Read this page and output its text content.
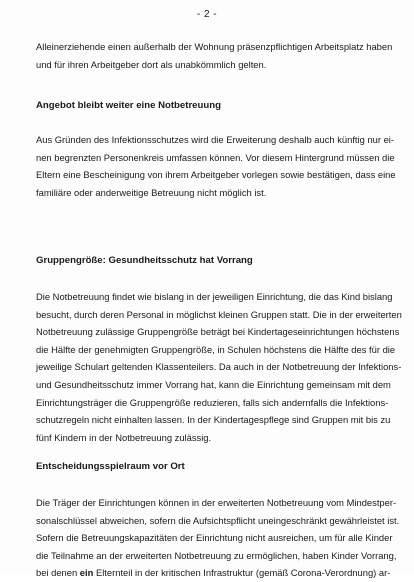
- 2 -

Alleinerziehende einen außerhalb der Wohnung präsenzpflichtigen Arbeitsplatz haben
und für ihren Arbeitgeber dort als unabkömmlich gelten.

Angebot bleibt weiter eine Notbetreuung

Aus Gründen des Infektionsschutzes wird die Erweiterung deshalb auch künftig nur ei-
nen begrenzten Personenkreis umfassen können. Vor diesem Hintergrund müssen die
Eltern eine Bescheinigung von ihrem Arbeitgeber vorlegen sowie bestätigen, dass eine
familiäre oder anderweitige Betreuung nicht möglich ist.

Gruppengröße: Gesundheitsschutz hat Vorrang

Die Notbetreuung findet wie bislang in der jeweiligen Einrichtung, die das Kind bislang
besucht, durch deren Personal in möglichst kleinen Gruppen statt. Die in der erweiterten
Notbetreuung zulässige Gruppengröße beträgt bei Kindertageseinrichtungen höchstens
die Hälfte der genehmigten Gruppengröße, in Schulen höchstens die Hälfte des für die
jeweilige Schulart geltenden Klassenteilers. Da auch in der Notbetreuung der Infektions-
und Gesundheitsschutz immer Vorrang hat, kann die Einrichtung gemeinsam mit dem
Einrichtungsträger die Gruppengröße reduzieren, falls sich andernfalls die Infektions-
schutzregeln nicht einhalten lassen. In der Kindertagespflege sind Gruppen mit bis zu
fünf Kindern in der Notbetreuung zulässig.

Entscheidungsspielraum vor Ort

Die Träger der Einrichtungen können in der erweiterten Notbetreuung vom Mindestper-
sonalschlüssel abweichen, sofern die Aufsichtspflicht uneingeschränkt gewährleistet ist.
Sofern die Betreuungskapazitäten der Einrichtung nicht ausreichen, um für alle Kinder
die Teilnahme an der erweiterten Notbetreuung zu ermöglichen, haben Kinder Vorrang,
bei denen ein Elternteil in der kritischen Infrastruktur (gemäß Corona-Verordnung) ar-
